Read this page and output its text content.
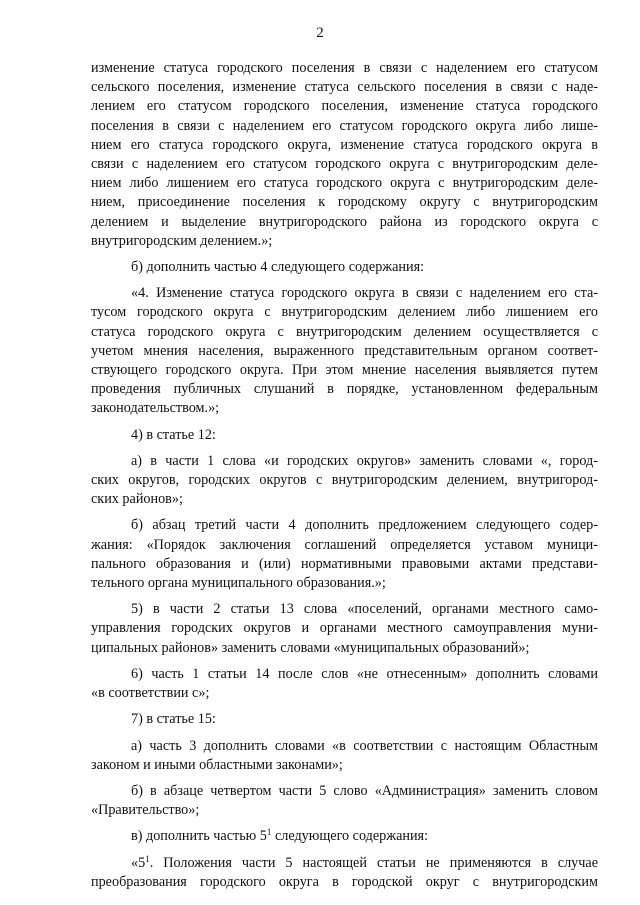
2

изменение статуса городского поселения в связи с наделением его статусом
сельского поселения, изменение статуса сельского поселения в связи с наде-
лением его статусом городского поселения, изменение статуса городского
поселения в связи с наделением его статусом городского округа либо лише-
нием его статуса городского округа, изменение статуса городского округа в
связи с наделением его статусом городского округа с внутригородским деле-
нием либо лишением его статуса городского округа с внутригородским деле-
нием, присоединение поселения к городскому округу с внутригородским
делением и выделение внутригородского района из городского округа с
внутригородским делением.»;

б) дополнить частью 4 следующего содержания:

«4. Изменение статуса городского округа в связи с наделением его ста-
тусом городского округа с внутригородским делением либо лишением его
статуса городского округа с внутригородским делением осуществляется с
учетом мнения населения, выраженного представительным органом соответ-
ствующего городского округа. При этом мнение населения выявляется путем
проведения публичных слушаний в порядке, установленном федеральным
законодательством.»;

4) в статье 12:

а) в части 1 слова «и городских округов» заменить словами «, город-
ских округов, городских округов с внутригородским делением, внутригород-
ских районов»;

б) абзац третий части 4 дополнить предложением следующего содер-
жания: «Порядок заключения соглашений определяется уставом муници-
пального образования и (или) нормативными правовыми актами представи-
тельного органа муниципального образования.»;

5) в части 2 статьи 13 слова «поселений, органами местного само-
управления городских округов и органами местного самоуправления муни-
ципальных районов» заменить словами «муниципальных образований»;

6) часть 1 статьи 14 после слов «не отнесенным» дополнить словами
«в соответствии с»;

7) в статье 15:

а) часть 3 дополнить словами «в соответствии с настоящим Областным
законом и иными областными законами»;

б) в абзаце четвертом части 5 слово «Администрация» заменить словом
«Правительство»;

в) дополнить частью $5^1$ следующего содержания:

«$5^1$. Положения части 5 настоящей статьи не применяются в случае
преобразования городского округа в городской округ с внутригородским
